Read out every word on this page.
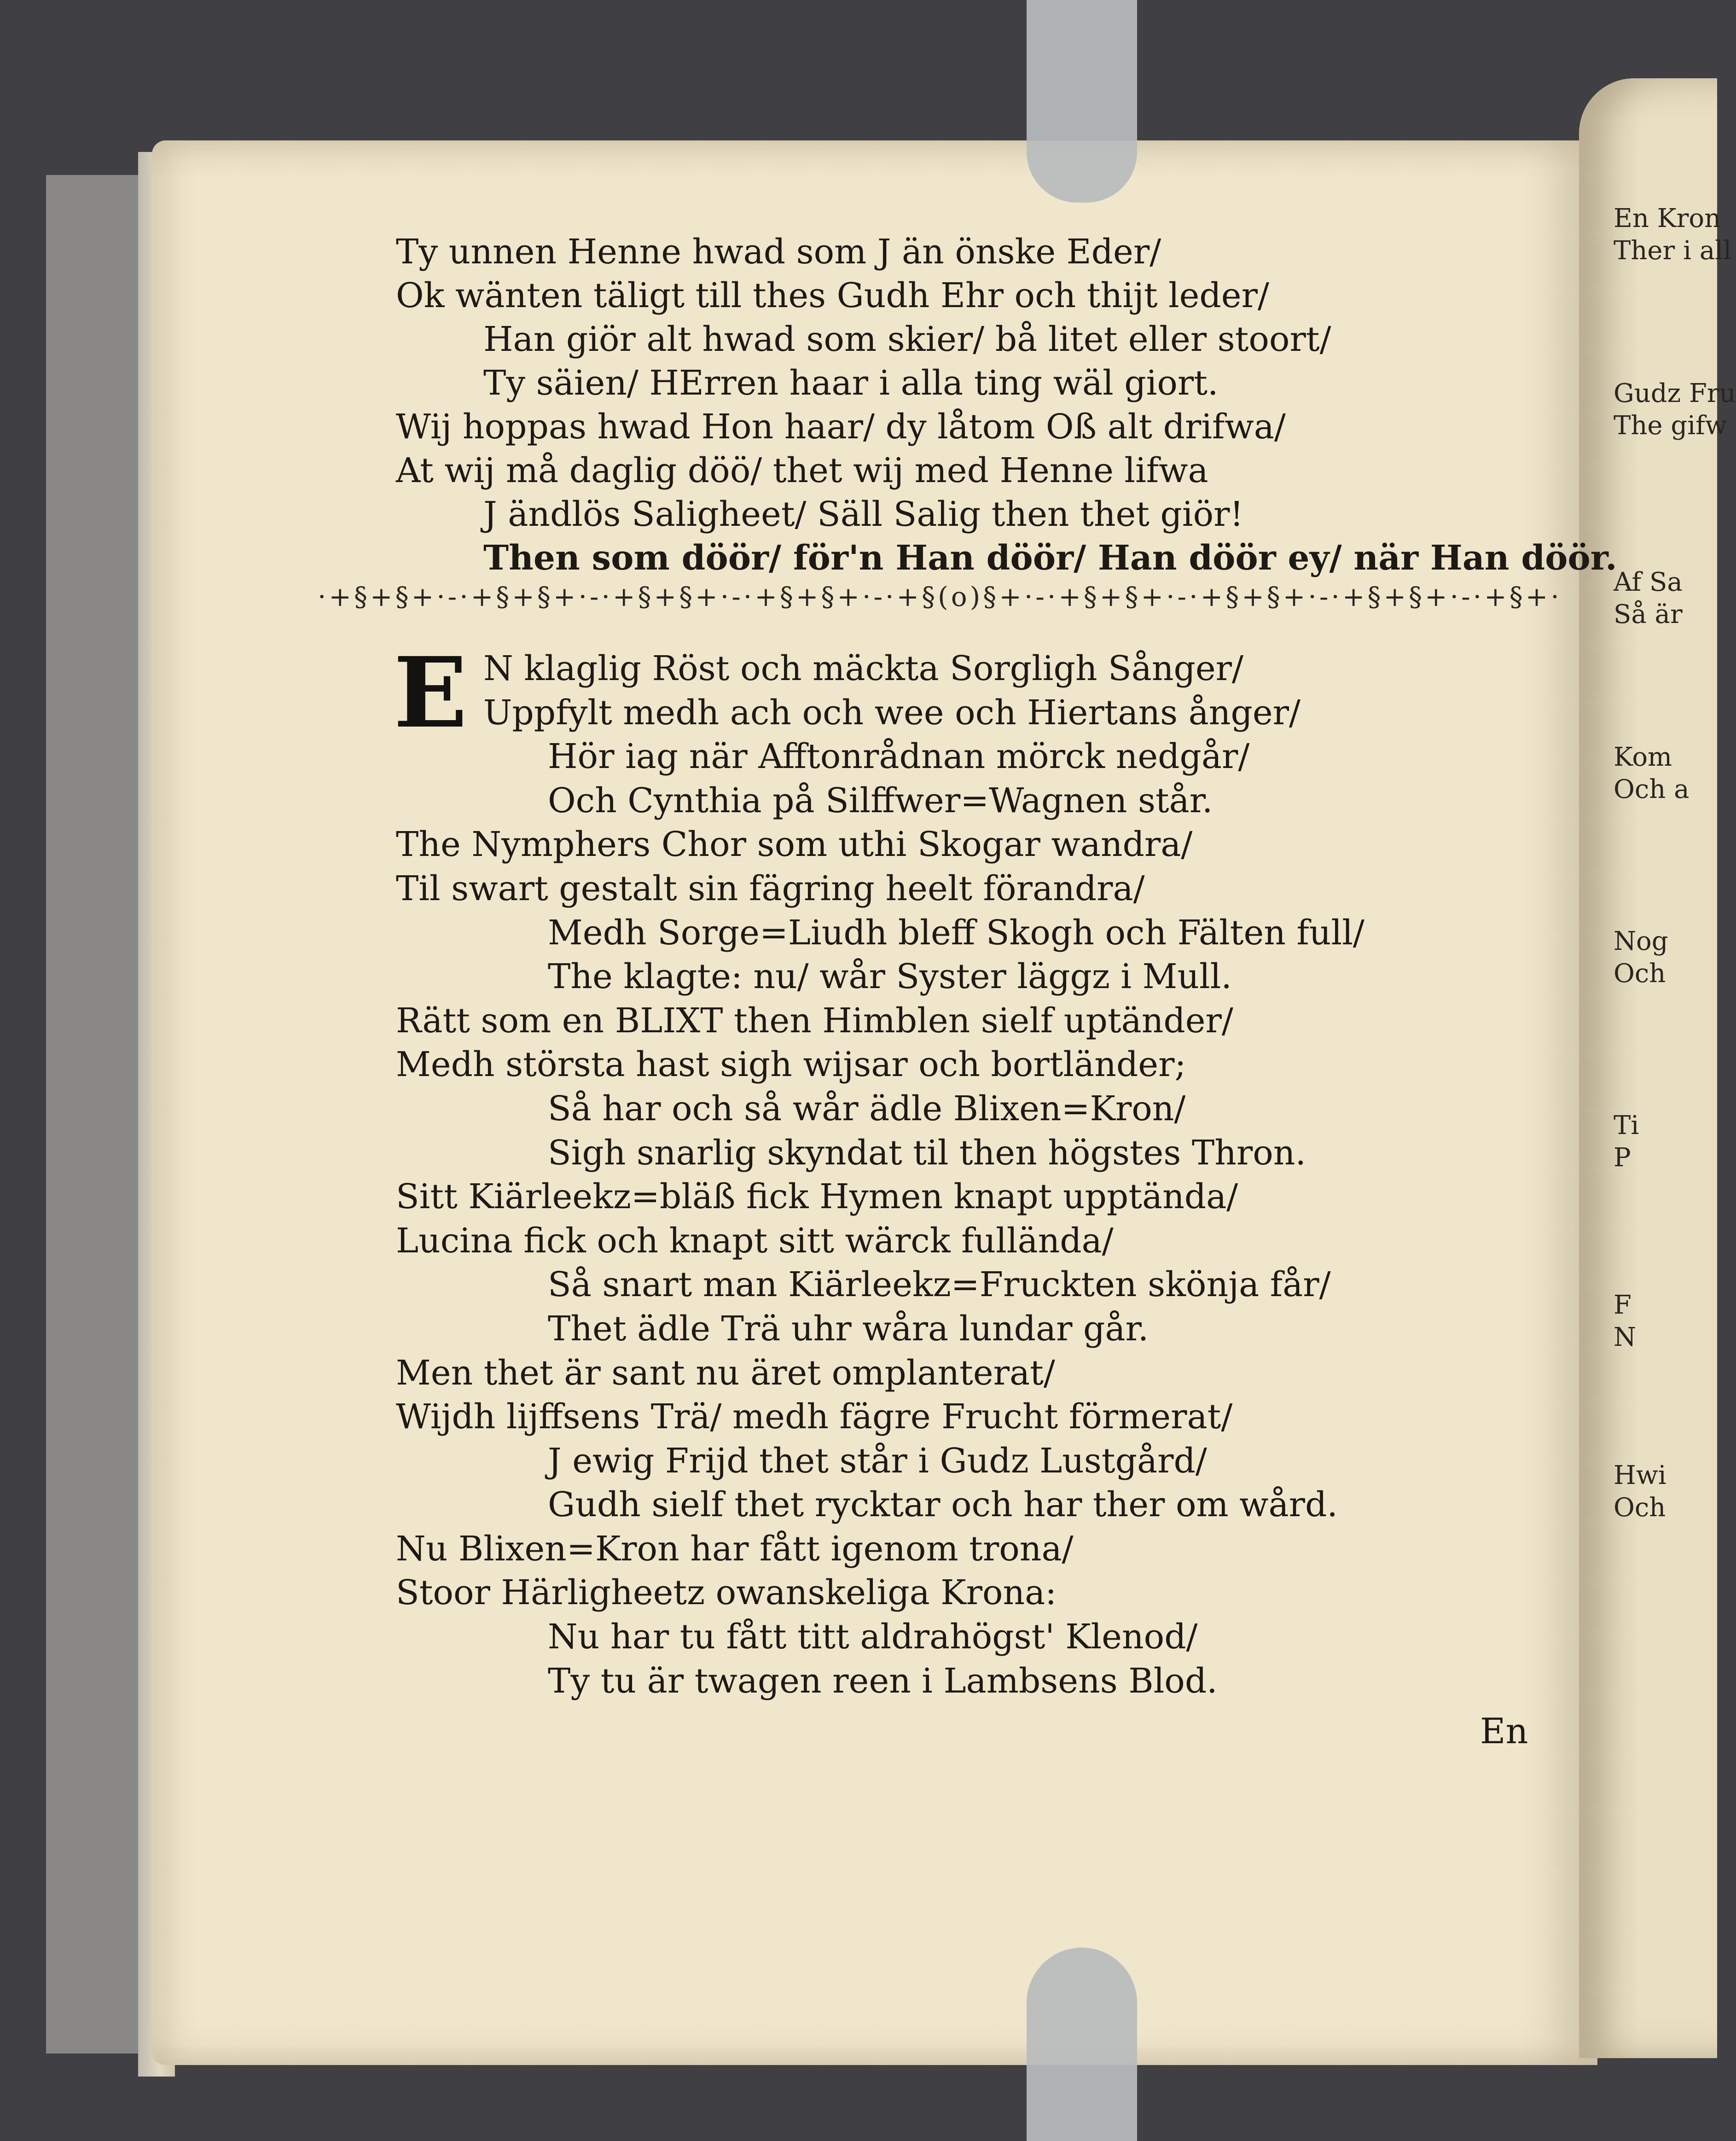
En Kron
Ther i all
Gudz Fru
The gifw
Af Sa
Så är
Kom
Och a
Nog
Och
Ti
P
F
N
Hwi
Och
Ty unnen Henne hwad som J än önske Eder/
Ok wänten täligt till thes Gudh Ehr och thijt leder/
Han giör alt hwad som skier/ bå litet eller stoort/
Ty säien/ HErren haar i alla ting wäl giort.
Wij hoppas hwad Hon haar/ dy låtom Oß alt drifwa/
At wij må daglig döö/ thet wij med Henne lifwa
J ändlös Saligheet/ Säll Salig then thet giör!
Then som döör/ för'n Han döör/ Han döör ey/ när Han döör.
·+§+§+·-·+§+§+·-·+§+§+·-·+§+§+·-·+§(o)§+·-·+§+§+·-·+§+§+·-·+§+§+·-·+§+·
E N klaglig Röst och mäckta Sorgligh Sånger/
Uppfylt medh ach och wee och Hiertans ånger/
Hör iag när Afftonrådnan mörck nedgår/
Och Cynthia på Silffwer=Wagnen står.
The Nymphers Chor som uthi Skogar wandra/
Til swart gestalt sin fägring heelt förandra/
Medh Sorge=Liudh bleff Skogh och Fälten full/
The klagte: nu/ wår Syster läggz i Mull.
Rätt som en BLIXT then Himblen sielf uptänder/
Medh största hast sigh wijsar och bortländer;
Så har och så wår ädle Blixen=Kron/
Sigh snarlig skyndat til then högstes Thron.
Sitt Kiärleekz=bläß fick Hymen knapt upptända/
Lucina fick och knapt sitt wärck fullända/
Så snart man Kiärleekz=Fruckten skönja får/
Thet ädle Trä uhr wåra lundar går.
Men thet är sant nu äret omplanterat/
Wijdh lijffsens Trä/ medh fägre Frucht förmerat/
J ewig Frijd thet står i Gudz Lustgård/
Gudh sielf thet rycktar och har ther om wård.
Nu Blixen=Kron har fått igenom trona/
Stoor Härligheetz owanskeliga Krona:
Nu har tu fått titt aldrahögst' Klenod/
Ty tu är twagen reen i Lambsens Blod.
En
